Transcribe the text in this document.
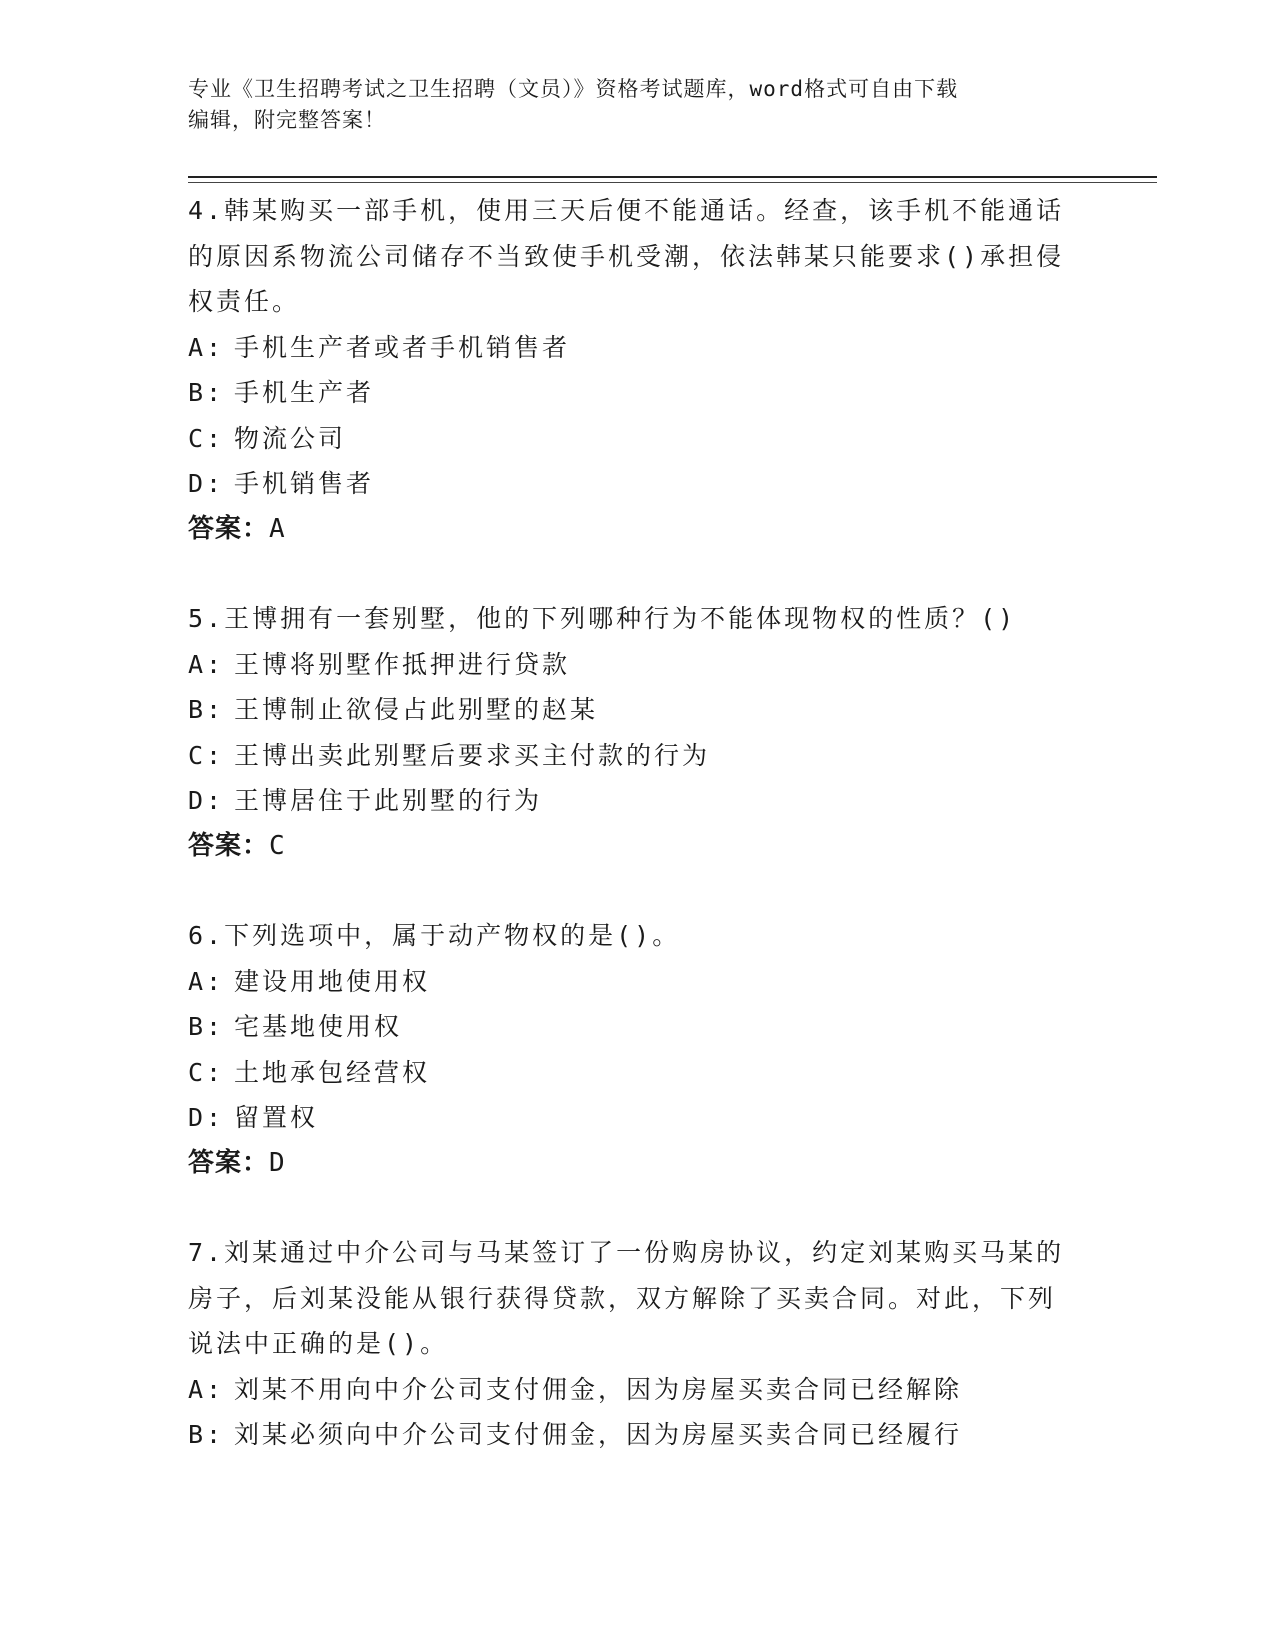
专业《卫生招聘考试之卫生招聘（文员）》资格考试题库，word格式可自由下载
编辑，附完整答案！

4.韩某购买一部手机，使用三天后便不能通话。经查，该手机不能通话的原因系物流公司储存不当致使手机受潮，依法韩某只能要求()承担侵权责任。

A: 手机生产者或者手机销售者
B: 手机生产者
C: 物流公司
D: 手机销售者
答案：A

5.王博拥有一套别墅，他的下列哪种行为不能体现物权的性质？()

A: 王博将别墅作抵押进行贷款
B: 王博制止欲侵占此别墅的赵某
C: 王博出卖此别墅后要求买主付款的行为
D: 王博居住于此别墅的行为
答案：C

6.下列选项中，属于动产物权的是()。

A: 建设用地使用权
B: 宅基地使用权
C: 土地承包经营权
D: 留置权
答案：D

7.刘某通过中介公司与马某签订了一份购房协议，约定刘某购买马某的房子，后刘某没能从银行获得贷款，双方解除了买卖合同。对此，下列说法中正确的是()。

A: 刘某不用向中介公司支付佣金，因为房屋买卖合同已经解除
B: 刘某必须向中介公司支付佣金，因为房屋买卖合同已经履行
